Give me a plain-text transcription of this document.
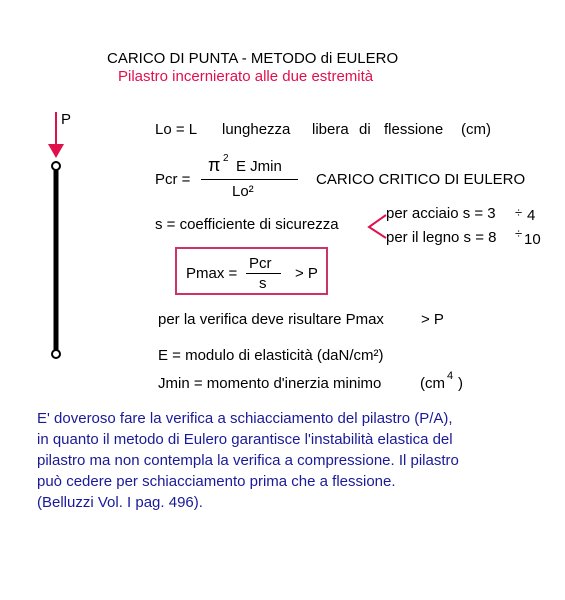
CARICO DI PUNTA - METODO di EULERO
Pilastro incernierato alle due estremità
P
Lo = L lunghezza libera di flessione (cm)
Pcr =
π 2 E Jmin
Lo²
CARICO CRITICO DI EULERO
s = coefficiente di sicurezza
per acciaio s = 3 ÷ 4
per il legno s = 8 ÷ 10
Pmax =
Pcr
s
> P
per la verifica deve risultare Pmax > P
E = modulo di elasticità (daN/cm²)
Jmin = momento d'inerzia minimo	(cm 4 )
E' doveroso fare la verifica a schiacciamento del pilastro (P/A),
in quanto il metodo di Eulero garantisce l'instabilità elastica del
pilastro ma non contempla la verifica a compressione. Il pilastro
può cedere per schiacciamento prima che a flessione.
(Belluzzi Vol. I pag. 496).
